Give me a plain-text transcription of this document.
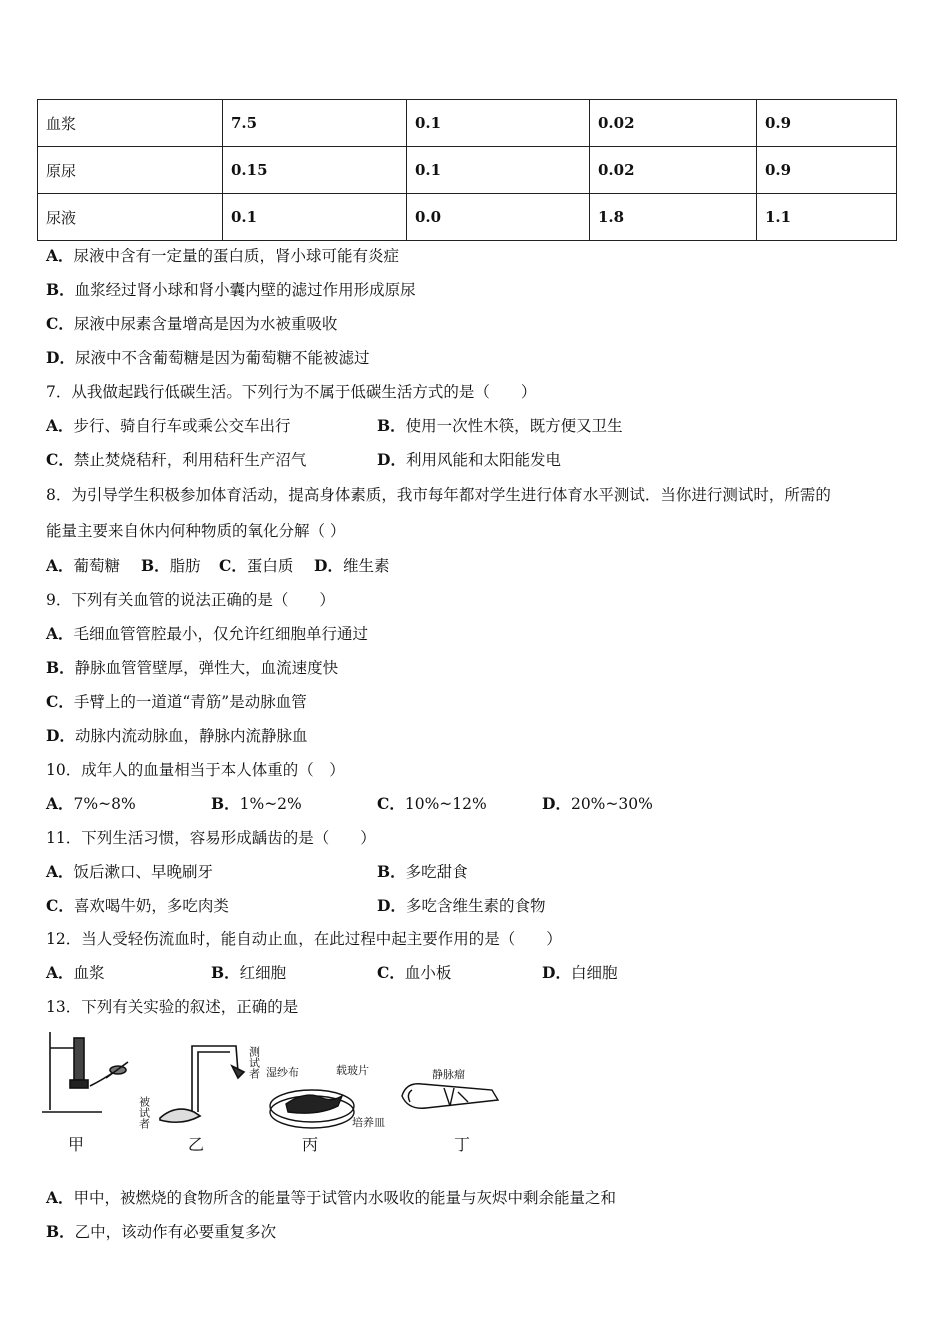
血浆	7.5	0.1	0.02	0.9
原尿	0.15	0.1	0.02	0.9
尿液	0.1	0.0	1.8	1.1
A．尿液中含有一定量的蛋白质，肾小球可能有炎症
B．血浆经过肾小球和肾小囊内壁的滤过作用形成原尿
C．尿液中尿素含量增高是因为水被重吸收
D．尿液中不含葡萄糖是因为葡萄糖不能被滤过
7．从我做起践行低碳生活。下列行为不属于低碳生活方式的是（　　）
A．步行、骑自行车或乘公交车出行	B．使用一次性木筷，既方便又卫生
C．禁止焚烧秸秆，利用秸秆生产沼气	D．利用风能和太阳能发电
8．为引导学生积极参加体育活动，提高身体素质，我市每年都对学生进行体育水平测试．当你进行测试时，所需的
能量主要来自休内何种物质的氧化分解（ ）
A．葡萄糖 B．脂肪 C．蛋白质 D．维生素
9．下列有关血管的说法正确的是（　　）
A．毛细血管管腔最小，仅允许红细胞单行通过
B．静脉血管管壁厚，弹性大，血流速度快
C．手臂上的一道道“青筋”是动脉血管
D．动脉内流动脉血，静脉内流静脉血
10．成年人的血量相当于本人体重的（　）
A．7%~8%	B．1%~2%	C．10%~12%	D．20%~30%
11．下列生活习惯，容易形成龋齿的是（　　）
A．饭后漱口、早晚刷牙	B．多吃甜食
C．喜欢喝牛奶，多吃肉类	D．多吃含维生素的食物
12．当人受轻伤流血时，能自动止血，在此过程中起主要作用的是（　　）
A．血浆	B．红细胞	C．血小板	D．白细胞
13．下列有关实验的叙述，正确的是
甲
测试者
被试者
乙
湿纱布	载玻片
培养皿
丙
静脉瘤
丁
A．甲中，被燃烧的食物所含的能量等于试管内水吸收的能量与灰烬中剩余能量之和
B．乙中，该动作有必要重复多次
